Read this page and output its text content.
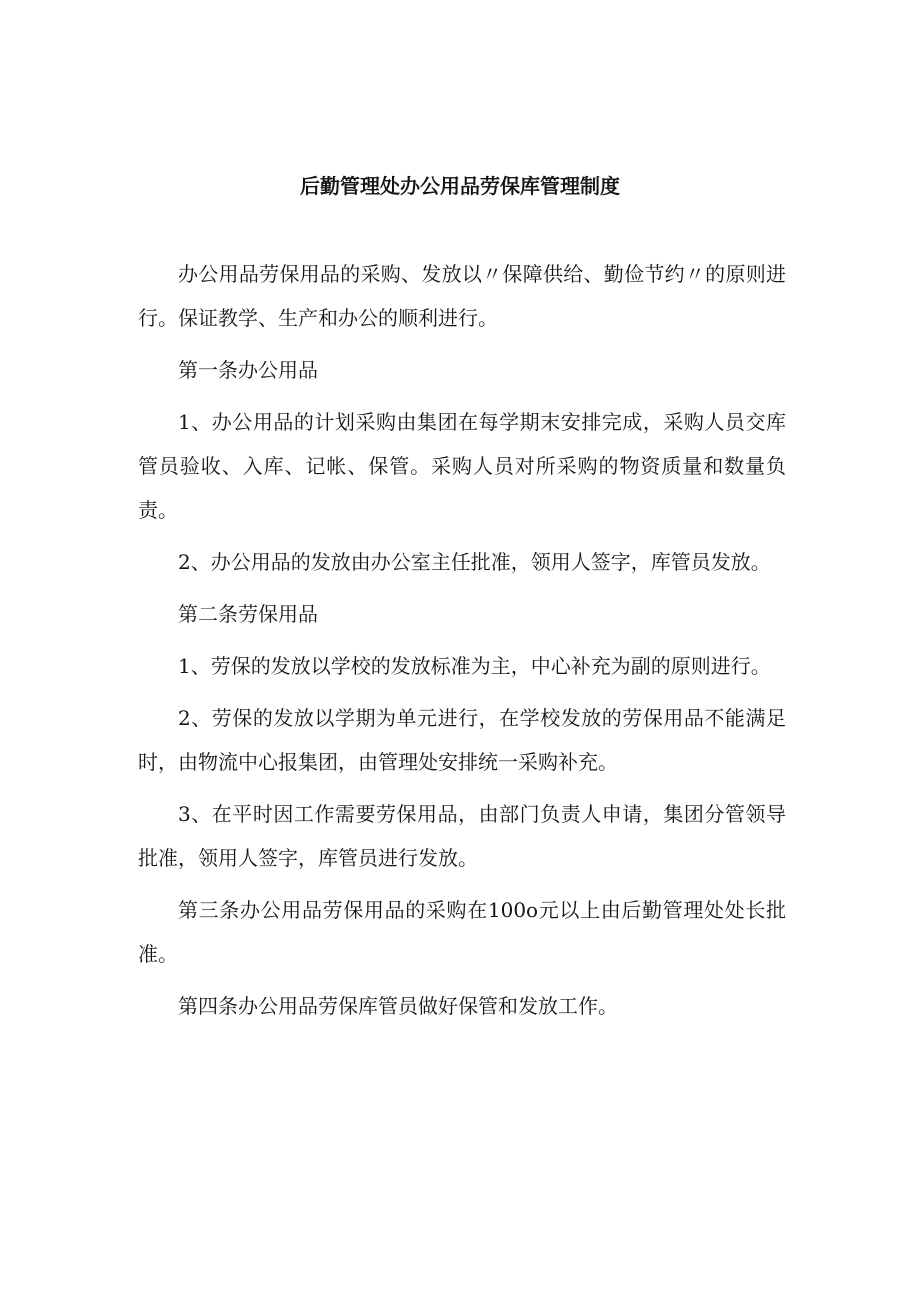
后勤管理处办公用品劳保库管理制度

办公用品劳保用品的采购、发放以〃保障供给、勤俭节约〃的原则进行。保证教学、生产和办公的顺利进行。

第一条办公用品

1、办公用品的计划采购由集团在每学期末安排完成，采购人员交库管员验收、入库、记帐、保管。采购人员对所采购的物资质量和数量负责。

2、办公用品的发放由办公室主任批准，领用人签字，库管员发放。

第二条劳保用品

1、劳保的发放以学校的发放标准为主，中心补充为副的原则进行。

2、劳保的发放以学期为单元进行，在学校发放的劳保用品不能满足时，由物流中心报集团，由管理处安排统一采购补充。

3、在平时因工作需要劳保用品，由部门负责人申请，集团分管领导批准，领用人签字，库管员进行发放。

第三条办公用品劳保用品的采购在100o元以上由后勤管理处处长批准。

第四条办公用品劳保库管员做好保管和发放工作。
